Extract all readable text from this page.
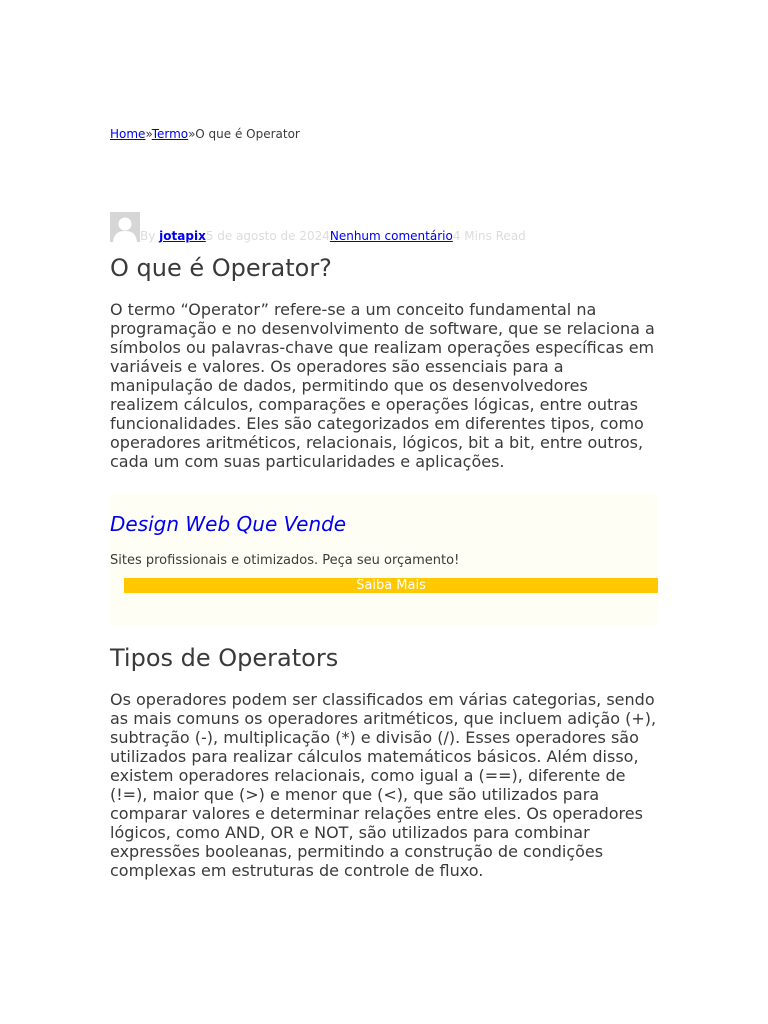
Home»Termo»O que é Operator
By jotapix5 de agosto de 2024Nenhum comentário4 Mins Read
O que é Operator?

O termo “Operator” refere-se a um conceito fundamental na programação e no desenvolvimento de software, que se relaciona a símbolos ou palavras-chave que realizam operações específicas em variáveis e valores. Os operadores são essenciais para a manipulação de dados, permitindo que os desenvolvedores realizem cálculos, comparações e operações lógicas, entre outras funcionalidades. Eles são categorizados em diferentes tipos, como operadores aritméticos, relacionais, lógicos, bit a bit, entre outros, cada um com suas particularidades e aplicações.

Design Web Que Vende

Sites profissionais e otimizados. Peça seu orçamento!

Saiba Mais
Tipos de Operators

Os operadores podem ser classificados em várias categorias, sendo as mais comuns os operadores aritméticos, que incluem adição (+), subtração (-), multiplicação (*) e divisão (/). Esses operadores são utilizados para realizar cálculos matemáticos básicos. Além disso, existem operadores relacionais, como igual a (==), diferente de (!=), maior que (>) e menor que (<), que são utilizados para comparar valores e determinar relações entre eles. Os operadores lógicos, como AND, OR e NOT, são utilizados para combinar expressões booleanas, permitindo a construção de condições complexas em estruturas de controle de fluxo.
